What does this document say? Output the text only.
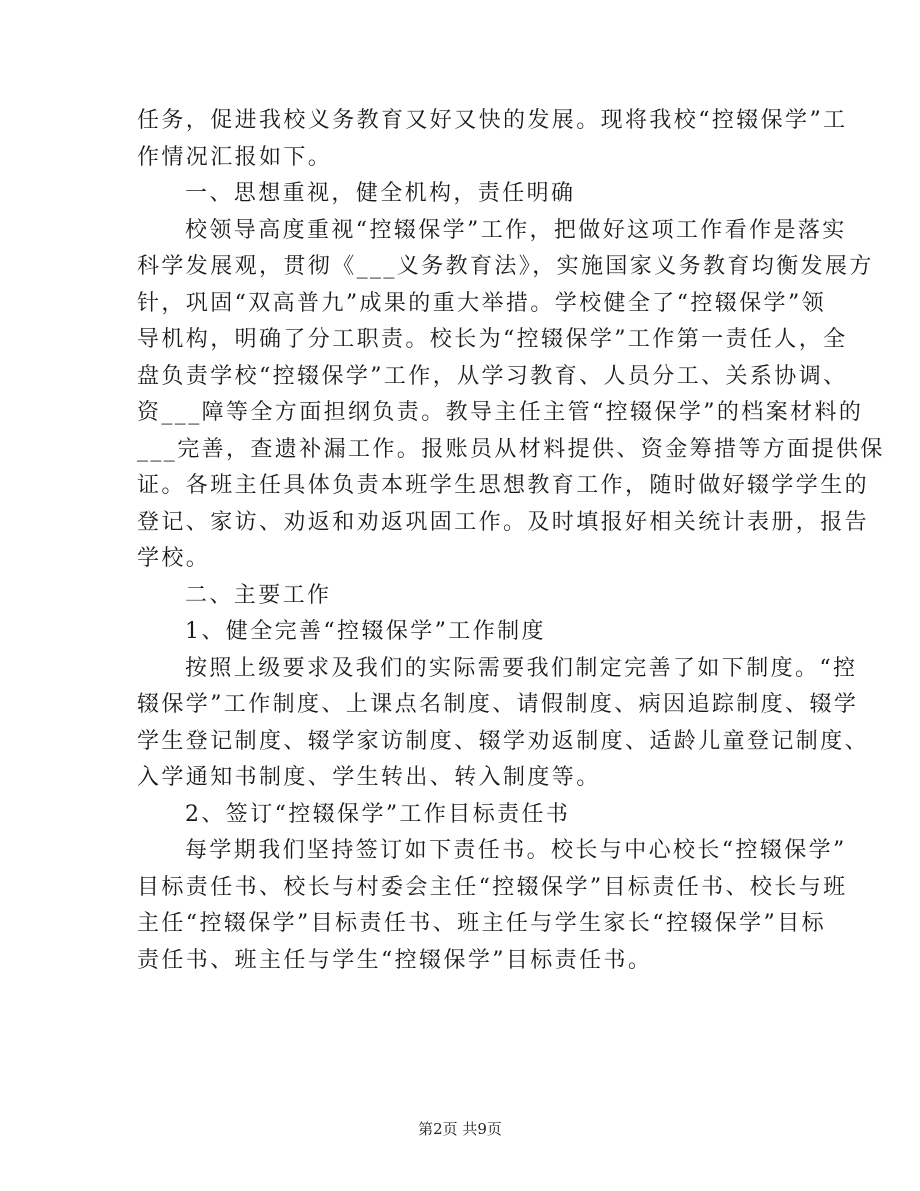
任务，促进我校义务教育又好又快的发展。现将我校“控辍保学”工
作情况汇报如下。
一、思想重视，健全机构，责任明确
校领导高度重视“控辍保学”工作，把做好这项工作看作是落实
科学发展观，贯彻《___义务教育法》，实施国家义务教育均衡发展方
针，巩固“双高普九”成果的重大举措。学校健全了“控辍保学”领
导机构，明确了分工职责。校长为“控辍保学”工作第一责任人，全
盘负责学校“控辍保学”工作，从学习教育、人员分工、关系协调、
资___障等全方面担纲负责。教导主任主管“控辍保学”的档案材料的
___完善，查遗补漏工作。报账员从材料提供、资金筹措等方面提供保
证。各班主任具体负责本班学生思想教育工作，随时做好辍学学生的
登记、家访、劝返和劝返巩固工作。及时填报好相关统计表册，报告
学校。
二、主要工作
1、健全完善“控辍保学”工作制度
按照上级要求及我们的实际需要我们制定完善了如下制度。“控
辍保学”工作制度、上课点名制度、请假制度、病因追踪制度、辍学
学生登记制度、辍学家访制度、辍学劝返制度、适龄儿童登记制度、
入学通知书制度、学生转出、转入制度等。
2、签订“控辍保学”工作目标责任书
每学期我们坚持签订如下责任书。校长与中心校长“控辍保学”
目标责任书、校长与村委会主任“控辍保学”目标责任书、校长与班
主任“控辍保学”目标责任书、班主任与学生家长“控辍保学”目标
责任书、班主任与学生“控辍保学”目标责任书。
第2页 共9页
